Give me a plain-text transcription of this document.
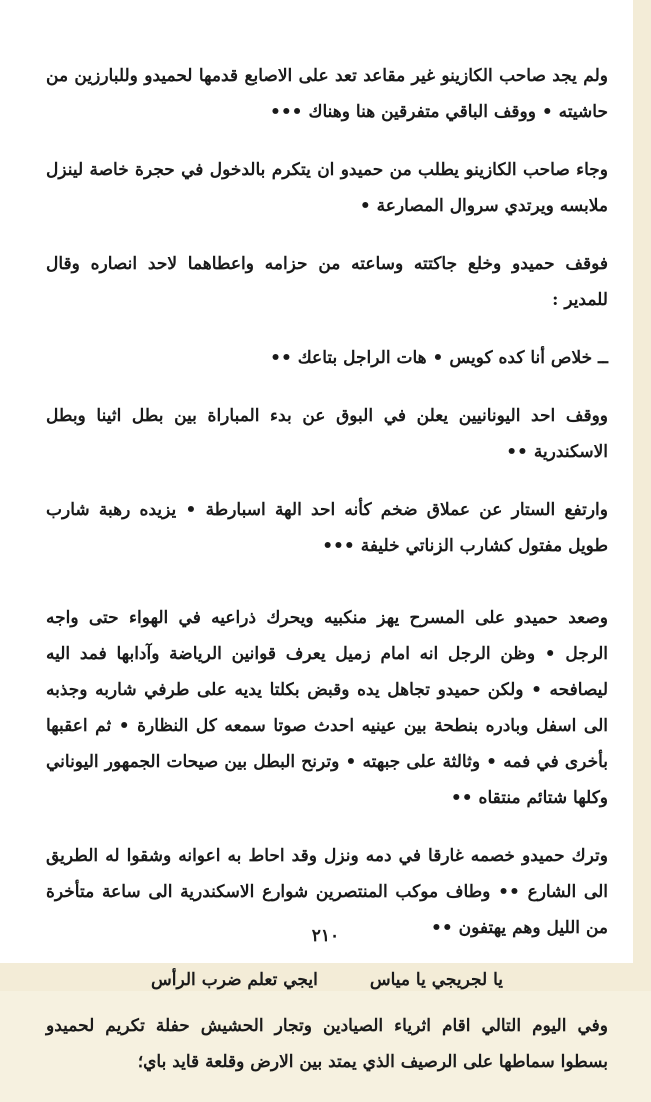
ولم يجد صاحب الكازينو غير مقاعد تعد على الاصابع قدمها لحميدو وللبارزين من حاشيته • ووقف الباقي متفرقين هنا وهناك •••

وجاء صاحب الكازينو يطلب من حميدو ان يتكرم بالدخول في حجرة خاصة لينزل ملابسه ويرتدي سروال المصارعة •

فوقف حميدو وخلع جاكتته وساعته من حزامه واعطاهما لاحد انصاره وقال للمدير :

ــ خلاص أنا كده كويس • هات الراجل بتاعك ••

ووقف احد اليونانيين يعلن في البوق عن بدء المباراة بين بطل اثينا وبطل الاسكندرية ••

وارتفع الستار عن عملاق ضخم كأنه احد الهة اسبارطة • يزيده رهبة شارب طويل مفتول كشارب الزناتي خليفة •••

وصعد حميدو على المسرح يهز منكبيه ويحرك ذراعيه في الهواء حتى واجه الرجل • وظن الرجل انه امام زميل يعرف قوانين الرياضة وآدابها فمد اليه ليصافحه • ولكن حميدو تجاهل يده وقبض بكلتا يديه على طرفي شاربه وجذبه الى اسفل وبادره بنطحة بين عينيه احدث صوتا سمعه كل النظارة • ثم اعقبها بأخرى في فمه • وثالثة على جبهته • وترنح البطل بين صيحات الجمهور اليوناني وكلها شتائم منتقاه ••

وترك حميدو خصمه غارقا في دمه ونزل وقد احاط به اعوانه وشقوا له الطريق الى الشارع •• وطاف موكب المنتصرين شوارع الاسكندرية الى ساعة متأخرة من الليل وهم يهتفون ••

يا لجريجي يا مياس
ايجي تعلم ضرب الرأس

وفي اليوم التالي اقام اثرياء الصيادين وتجار الحشيش حفلة تكريم لحميدو بسطوا سماطها على الرصيف الذي يمتد بين الارض وقلعة قايد باي؛

٢١٠
